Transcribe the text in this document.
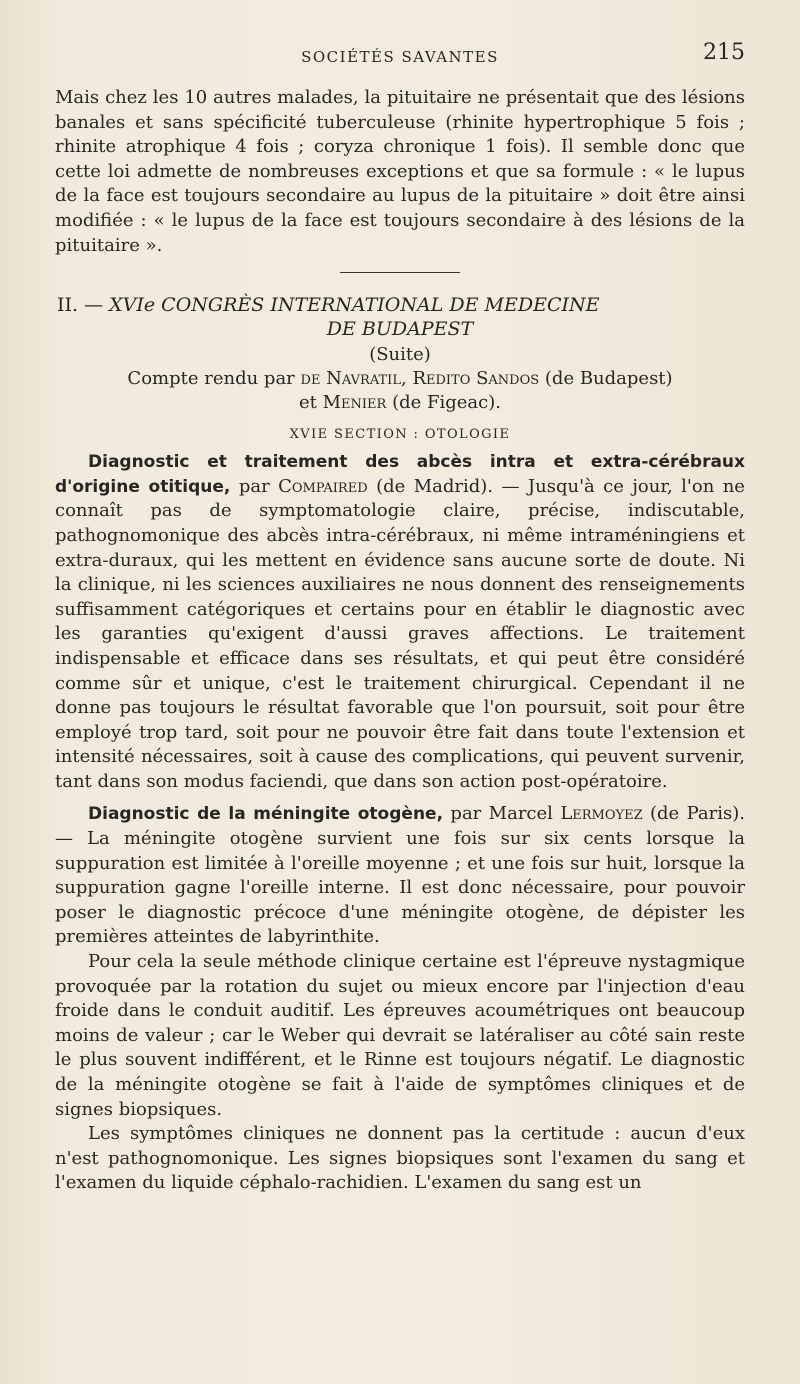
SOCIÉTÉS SAVANTES	215

Mais chez les 10 autres malades, la pituitaire ne présentait que des lésions banales et sans spécificité tuberculeuse (rhinite hypertrophique 5 fois ; rhinite atrophique 4 fois ; coryza chronique 1 fois). Il semble donc que cette loi admette de nombreuses exceptions et que sa formule : « le lupus de la face est toujours secondaire au lupus de la pituitaire » doit être ainsi modifiée : « le lupus de la face est toujours secondaire à des lésions de la pituitaire ».

II. — XVIe CONGRÈS INTERNATIONAL DE MEDECINE
DE BUDAPEST
(Suite)
Compte rendu par de Navratil, Redito Sandos (de Budapest)
et Menier (de Figeac).
XVIE SECTION : OTOLOGIE

Diagnostic et traitement des abcès intra et extra-cérébraux d'origine otitique, par Compaired (de Madrid). — Jusqu'à ce jour, l'on ne connaît pas de symptomatologie claire, précise, indiscutable, pathognomonique des abcès intra-cérébraux, ni même intraméningiens et extra-duraux, qui les mettent en évidence sans aucune sorte de doute. Ni la clinique, ni les sciences auxiliaires ne nous donnent des renseignements suffisamment catégoriques et certains pour en établir le diagnostic avec les garanties qu'exigent d'aussi graves affections. Le traitement indispensable et efficace dans ses résultats, et qui peut être considéré comme sûr et unique, c'est le traitement chirurgical. Cependant il ne donne pas toujours le résultat favorable que l'on poursuit, soit pour être employé trop tard, soit pour ne pouvoir être fait dans toute l'extension et intensité nécessaires, soit à cause des complications, qui peuvent survenir, tant dans son modus faciendi, que dans son action post-opératoire.

Diagnostic de la méningite otogène, par Marcel Lermoyez (de Paris). — La méningite otogène survient une fois sur six cents lorsque la suppuration est limitée à l'oreille moyenne ; et une fois sur huit, lorsque la suppuration gagne l'oreille interne. Il est donc nécessaire, pour pouvoir poser le diagnostic précoce d'une méningite otogène, de dépister les premières atteintes de labyrinthite.

Pour cela la seule méthode clinique certaine est l'épreuve nystagmique provoquée par la rotation du sujet ou mieux encore par l'injection d'eau froide dans le conduit auditif. Les épreuves acoumétriques ont beaucoup moins de valeur ; car le Weber qui devrait se latéraliser au côté sain reste le plus souvent indifférent, et le Rinne est toujours négatif. Le diagnostic de la méningite otogène se fait à l'aide de symptômes cliniques et de signes biopsiques.

Les symptômes cliniques ne donnent pas la certitude : aucun d'eux n'est pathognomonique. Les signes biopsiques sont l'examen du sang et l'examen du liquide céphalo-rachidien. L'examen du sang est un
